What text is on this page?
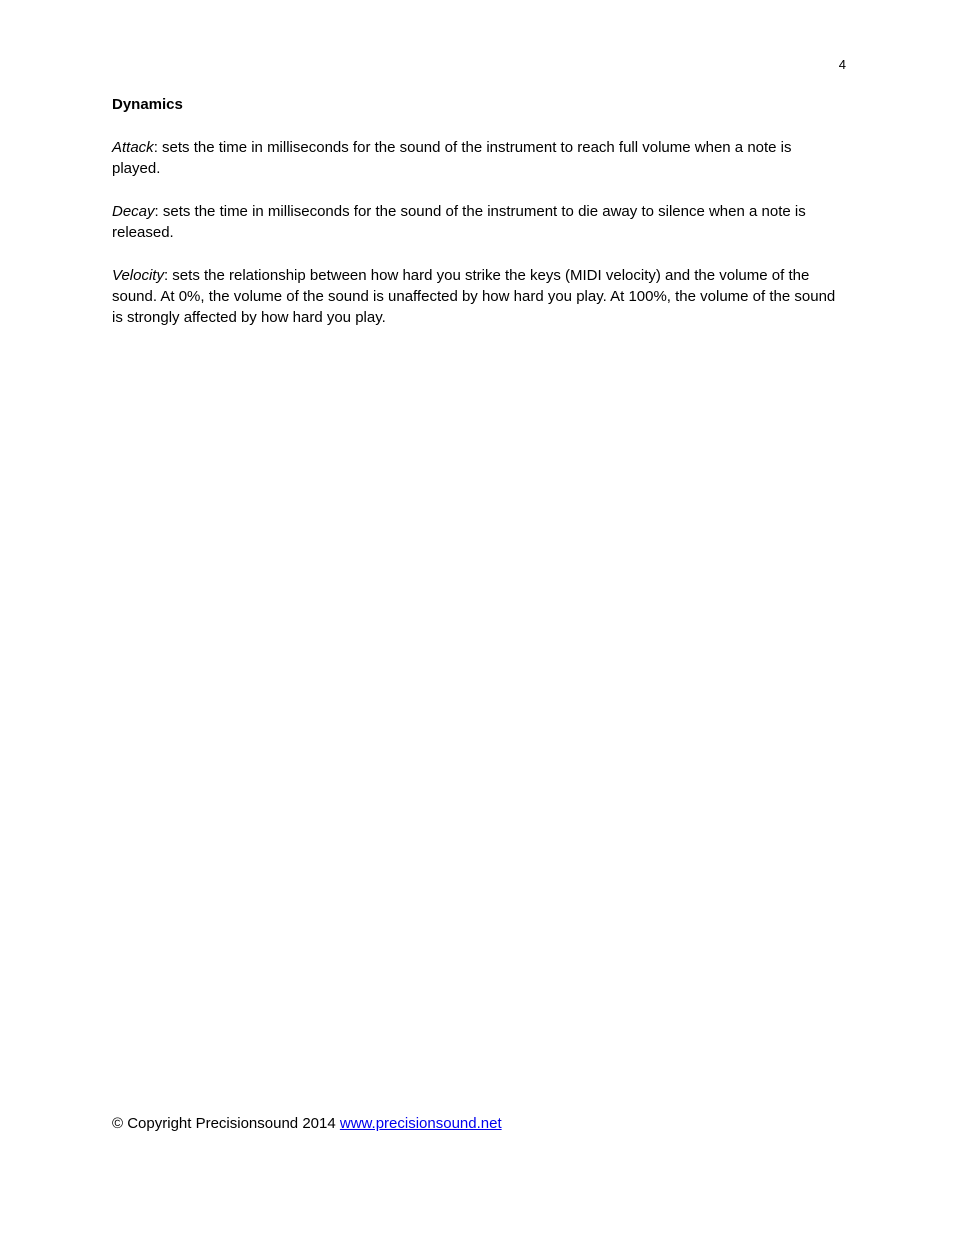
4
Dynamics

Attack: sets the time in milliseconds for the sound of the instrument to reach full volume when a note is played.

Decay: sets the time in milliseconds for the sound of the instrument to die away to silence when a note is released.

Velocity: sets the relationship between how hard you strike the keys (MIDI velocity) and the volume of the sound. At 0%, the volume of the sound is unaffected by how hard you play. At 100%, the volume of the sound is strongly affected by how hard you play.

© Copyright Precisionsound 2014 www.precisionsound.net
